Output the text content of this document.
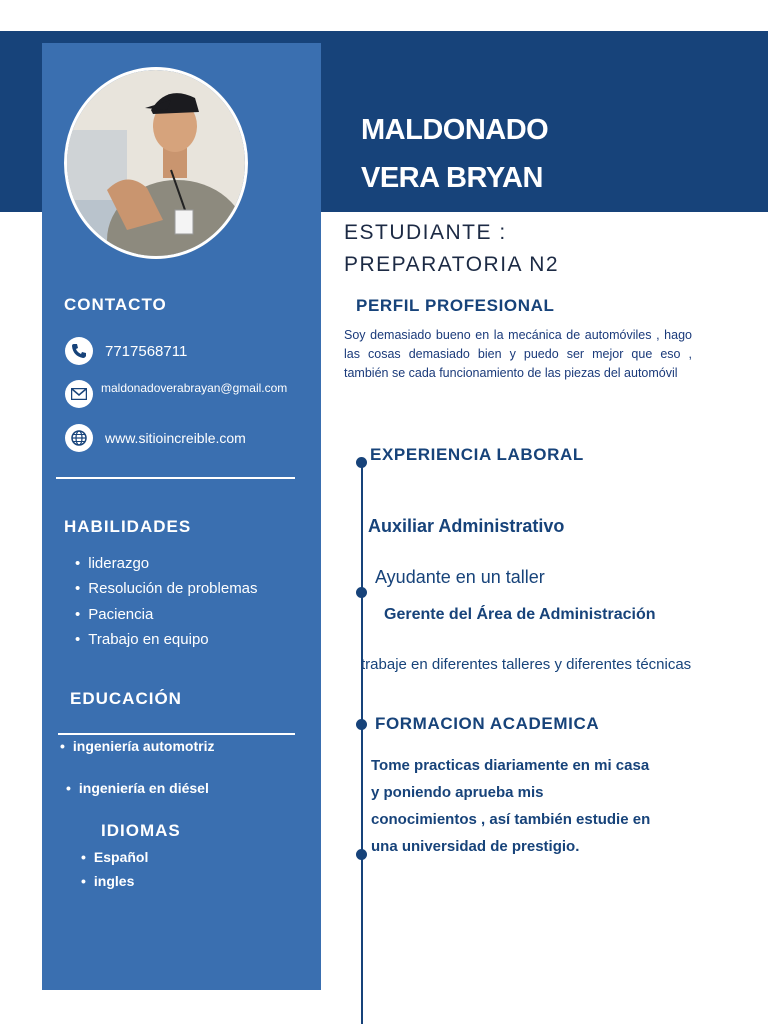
MALDONADO
VERA BRYAN
ESTUDIANTE : PREPARATORIA N2
CONTACTO
7717568711
maldonadoverabrayan@gmail.com
www.sitioincreible.com
HABILIDADES
• liderazgo
• Resolución de problemas
• Paciencia
• Trabajo en equipo
EDUCACIÓN
• ingeniería automotriz
• ingeniería en diésel
IDIOMAS
• Español
• ingles
PERFIL PROFESIONAL
Soy demasiado bueno en la mecánica de automóviles , hago las cosas demasiado bien y puedo ser mejor que eso , también se cada funcionamiento de las piezas del automóvil
EXPERIENCIA LABORAL
Auxiliar Administrativo
Ayudante en un taller
Gerente del Área de Administración
trabaje en diferentes talleres y diferentes técnicas
FORMACION ACADEMICA
Tome practicas diariamente en mi casa y poniendo aprueba mis conocimientos , así también estudie en una universidad de prestigio.
